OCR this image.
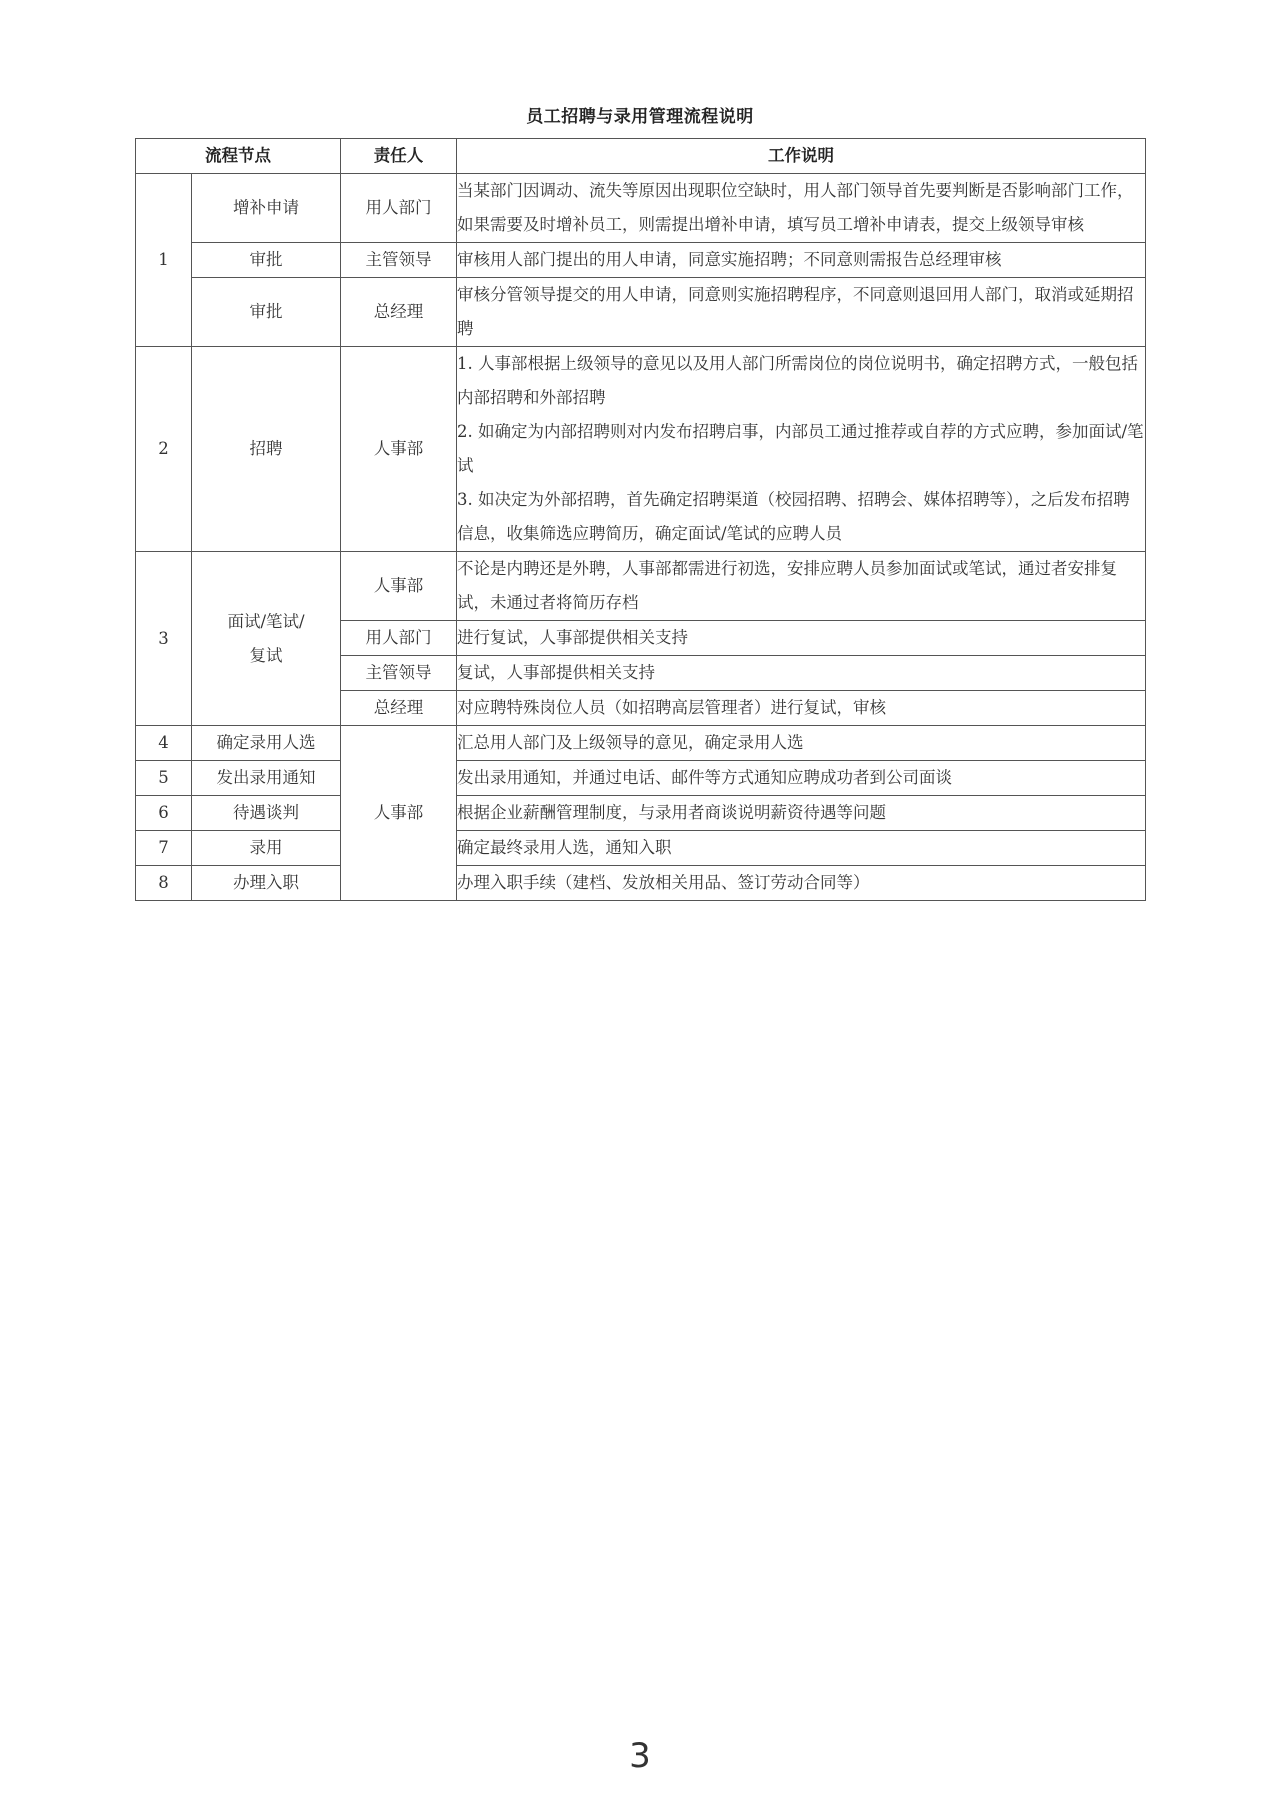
员工招聘与录用管理流程说明
流程节点		责任人	工作说明
1	增补申请	用人部门	当某部门因调动、流失等原因出现职位空缺时，用人部门领导首先要判断是否影响部门工作，如果需要及时增补员工，则需提出增补申请，填写员工增补申请表，提交上级领导审核
	审批	主管领导	审核用人部门提出的用人申请，同意实施招聘；不同意则需报告总经理审核
	审批	总经理	审核分管领导提交的用人申请，同意则实施招聘程序，不同意则退回用人部门，取消或延期招聘
2	招聘	人事部	1. 人事部根据上级领导的意见以及用人部门所需岗位的岗位说明书，确定招聘方式，一般包括内部招聘和外部招聘
2. 如确定为内部招聘则对内发布招聘启事，内部员工通过推荐或自荐的方式应聘，参加面试/笔试
3. 如决定为外部招聘，首先确定招聘渠道（校园招聘、招聘会、媒体招聘等），之后发布招聘信息，收集筛选应聘简历，确定面试/笔试的应聘人员

3	面试/笔试/复试	人事部	不论是内聘还是外聘，人事部都需进行初选，安排应聘人员参加面试或笔试，通过者安排复试，未通过者将简历存档
		用人部门	进行复试，人事部提供相关支持
		主管领导	复试，人事部提供相关支持
		总经理	对应聘特殊岗位人员（如招聘高层管理者）进行复试，审核
4	确定录用人选	人事部	汇总用人部门及上级领导的意见，确定录用人选
5	发出录用通知		发出录用通知，并通过电话、邮件等方式通知应聘成功者到公司面谈
6	待遇谈判		根据企业薪酬管理制度，与录用者商谈说明薪资待遇等问题
7	录用		确定最终录用人选，通知入职
8	办理入职		办理入职手续（建档、发放相关用品、签订劳动合同等）
3
